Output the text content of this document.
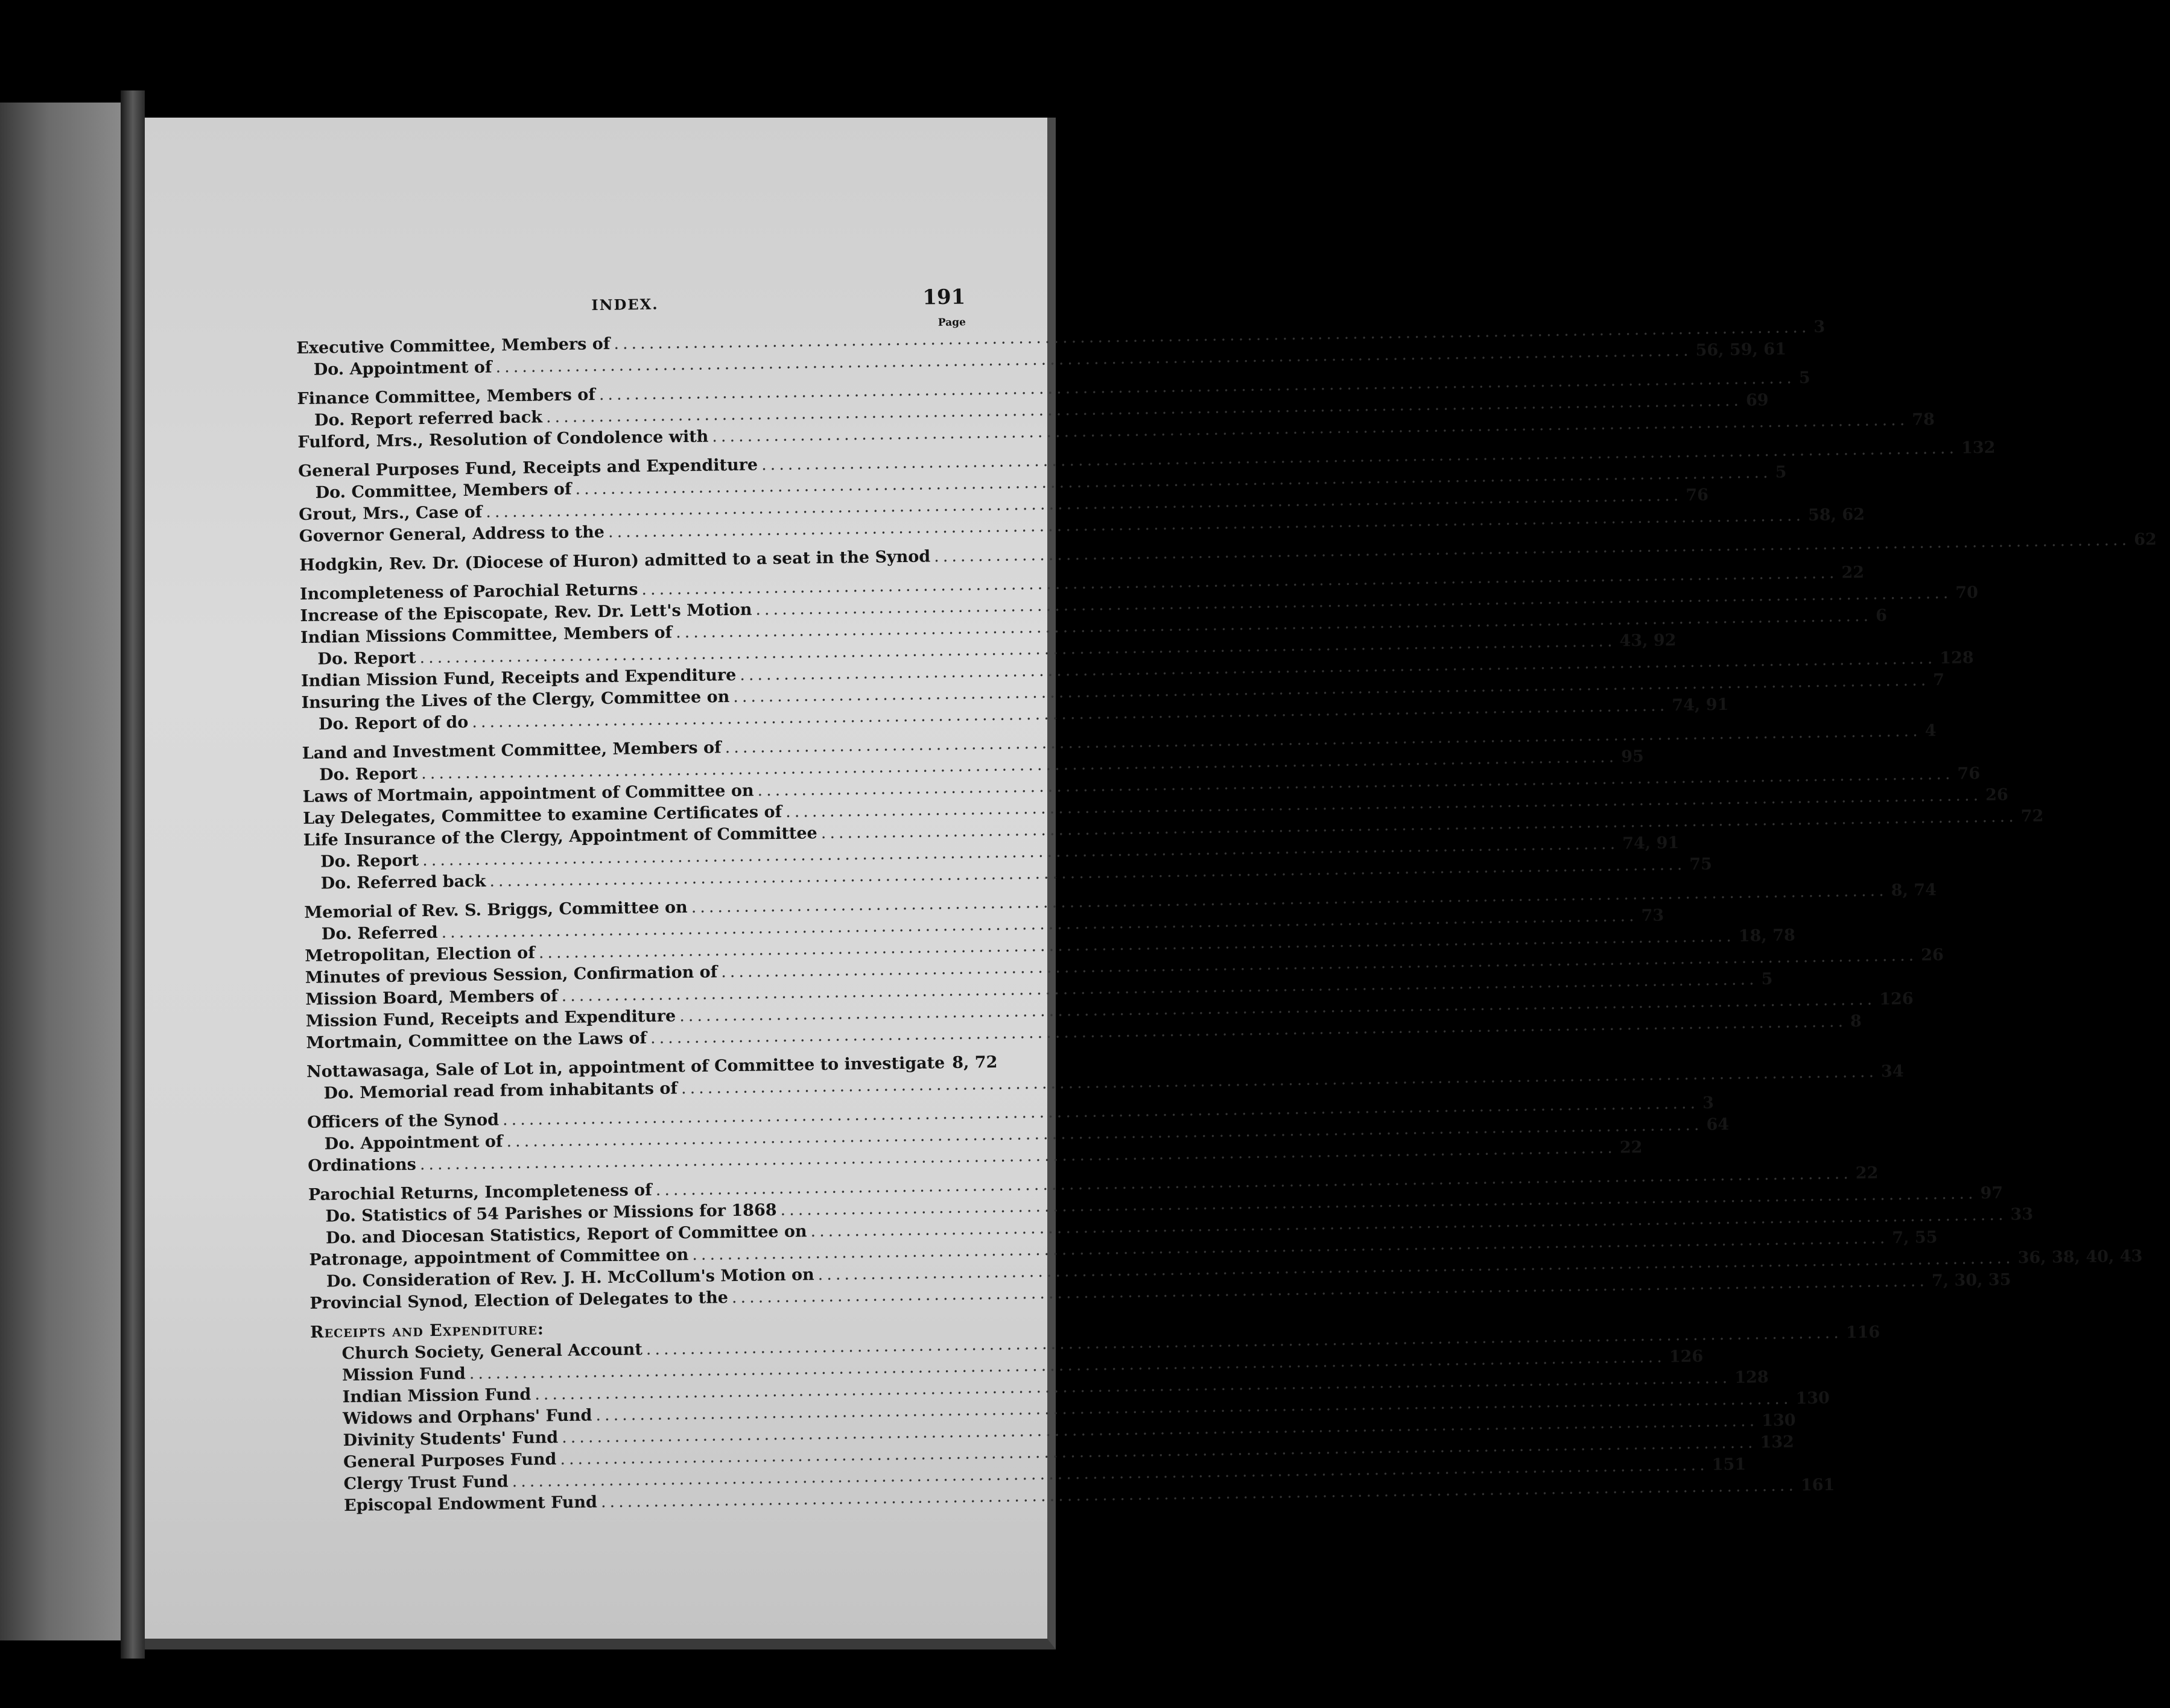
INDEX.	191
Page
Executive Committee, Members of
.....
3
Do. Appointment of
.....
56, 59, 61
Finance Committee, Members of
.....
5
Do. Report referred back
.....
69
Fulford, Mrs., Resolution of Condolence with
.....
78
General Purposes Fund, Receipts and Expenditure
.....
132
Do. Committee, Members of
.....
5
Grout, Mrs., Case of
.....
76
Governor General, Address to the
.....
58, 62
Hodgkin, Rev. Dr. (Diocese of Huron) admitted to a seat in the Synod
.....
62
Incompleteness of Parochial Returns
.....
22
Increase of the Episcopate, Rev. Dr. Lett's Motion
.....
70
Indian Missions Committee, Members of
.....
6
Do. Report
.....
43, 92
Indian Mission Fund, Receipts and Expenditure
.....
128
Insuring the Lives of the Clergy, Committee on
.....
7
Do. Report of do
.....
74, 91
Land and Investment Committee, Members of
.....
4
Do. Report
.....
95
Laws of Mortmain, appointment of Committee on
.....
76
Lay Delegates, Committee to examine Certificates of
.....
26
Life Insurance of the Clergy, Appointment of Committee
.....
72
Do. Report
.....
74, 91
Do. Referred back
.....
75
Memorial of Rev. S. Briggs, Committee on
.....
8, 74
Do. Referred
.....
73
Metropolitan, Election of
.....
18, 78
Minutes of previous Session, Confirmation of
.....
26
Mission Board, Members of
.....
5
Mission Fund, Receipts and Expenditure
.....
126
Mortmain, Committee on the Laws of
.....
8
Nottawasaga, Sale of Lot in, appointment of Committee to investigate
..... 8, 72
Do. Memorial read from inhabitants of
.....
34
Officers of the Synod
.....
3
Do. Appointment of
.....
64
Ordinations
.....
22
Parochial Returns, Incompleteness of
.....
22
Do. Statistics of 54 Parishes or Missions for 1868
.....
97
Do. and Diocesan Statistics, Report of Committee on
.....
33
Patronage, appointment of Committee on
.....
7, 55
Do. Consideration of Rev. J. H. McCollum's Motion on
.....
36, 38, 40, 43
Provincial Synod, Election of Delegates to the
.....
7, 30, 35
Receipts and Expenditure:
Church Society, General Account
.....
116
Mission Fund
.....
126
Indian Mission Fund
.....
128
Widows and Orphans' Fund
.....
130
Divinity Students' Fund
.....
130
General Purposes Fund
.....
132
Clergy Trust Fund
.....
151
Episcopal Endowment Fund
.....
161
